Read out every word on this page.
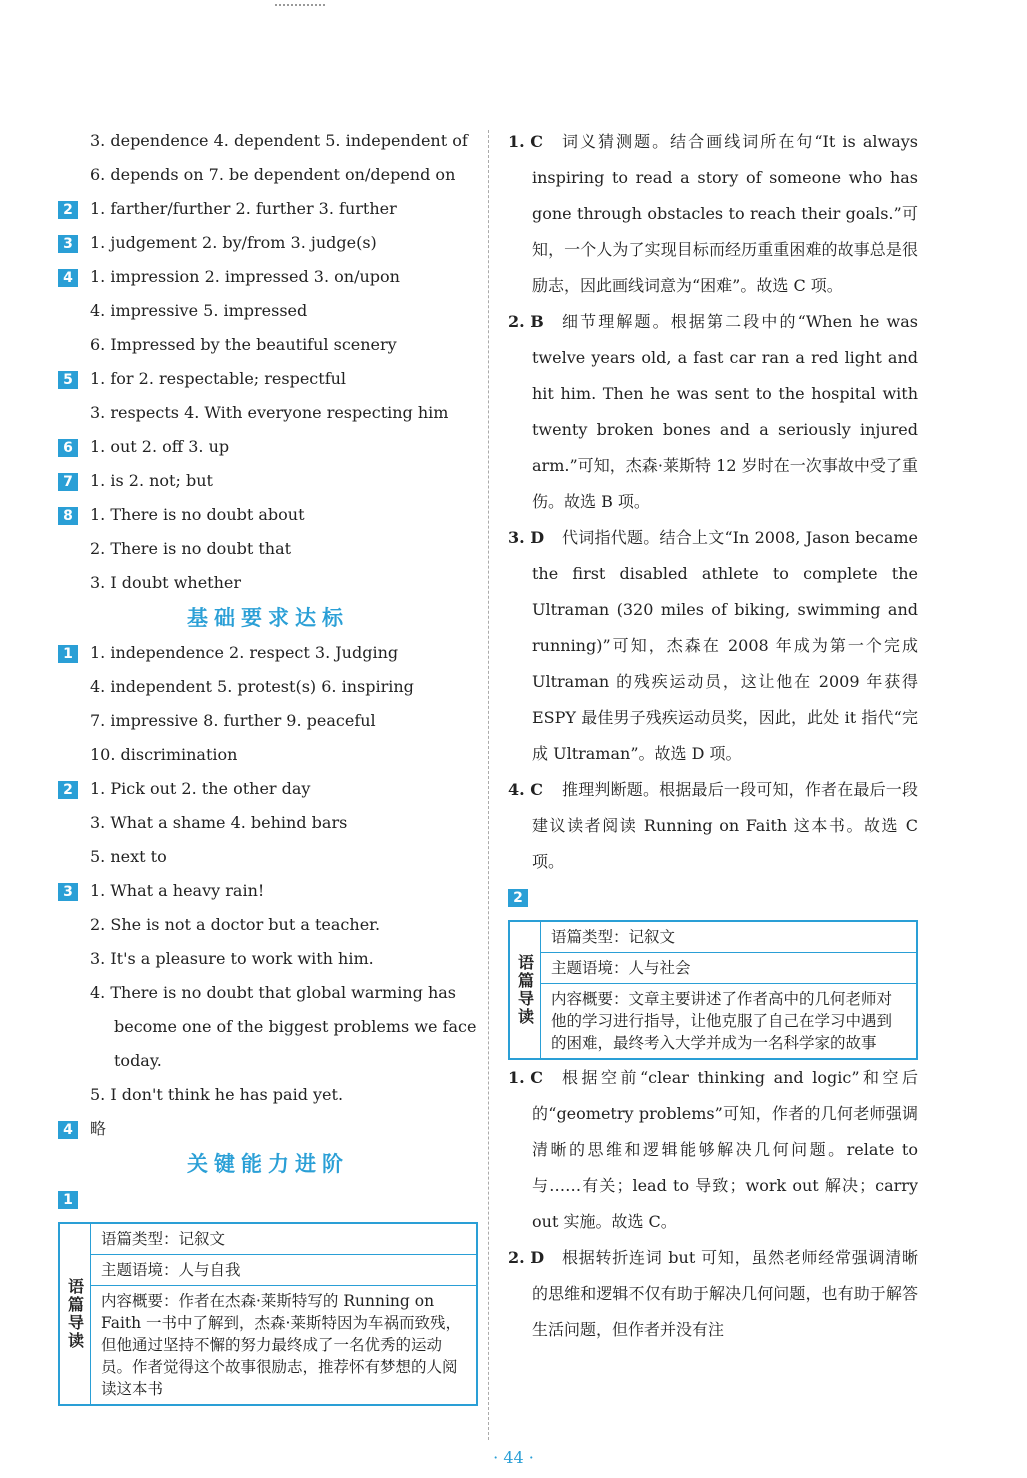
3. dependence 4. dependent 5. independent of
6. depends on 7. be dependent on/depend on
2 1. farther/further 2. further 3. further
3 1. judgement 2. by/from 3. judge(s)
4 1. impression 2. impressed 3. on/upon
4. impressive 5. impressed
6. Impressed by the beautiful scenery
5 1. for 2. respectable; respectful
3. respects 4. With everyone respecting him
6 1. out 2. off 3. up
7 1. is 2. not; but
8 1. There is no doubt about
2. There is no doubt that
3. I doubt whether
基础要求达标
1 1. independence 2. respect 3. Judging
4. independent 5. protest(s) 6. inspiring
7. impressive 8. further 9. peaceful
10. discrimination
2 1. Pick out 2. the other day
3. What a shame 4. behind bars
5. next to
3 1. What a heavy rain!
2. She is not a doctor but a teacher.
3. It's a pleasure to work with him.
4. There is no doubt that global warming has
become one of the biggest problems we face
today.
5. I don't think he has paid yet.
4 略
关键能力进阶
1
语篇导读
语篇类型：记叙文
主题语境：人与自我
内容概要：作者在杰森·莱斯特写的 Running on Faith 一书中了解到，杰森·莱斯特因为车祸而致残，但他通过坚持不懈的努力最终成了一名优秀的运动员。作者觉得这个故事很励志，推荐怀有梦想的人阅读这本书
1. C	词义猜测题。结合画线词所在句“It is always inspiring to read a story of someone who has gone through obstacles to reach their goals.”可知，一个人为了实现目标而经历重重困难的故事总是很励志，因此画线词意为“困难”。故选 C 项。
2. B	细节理解题。根据第二段中的“When he was twelve years old, a fast car ran a red light and hit him. Then he was sent to the hospital with twenty broken bones and a seriously injured arm.”可知，杰森·莱斯特 12 岁时在一次事故中受了重伤。故选 B 项。
3. D	代词指代题。结合上文“In 2008, Jason became the first disabled athlete to complete the Ultraman (320 miles of biking, swimming and running)”可知，杰森在 2008 年成为第一个完成 Ultraman 的残疾运动员，这让他在 2009 年获得 ESPY 最佳男子残疾运动员奖，因此，此处 it 指代“完成 Ultraman”。故选 D 项。
4. C	推理判断题。根据最后一段可知，作者在最后一段建议读者阅读 Running on Faith 这本书。故选 C 项。
2
语篇导读
语篇类型：记叙文
主题语境：人与社会
内容概要：文章主要讲述了作者高中的几何老师对他的学习进行指导，让他克服了自己在学习中遇到的困难，最终考入大学并成为一名科学家的故事
1. C	根据空前“clear thinking and logic”和空后的“geometry problems”可知，作者的几何老师强调清晰的思维和逻辑能够解决几何问题。relate to 与……有关；lead to 导致；work out 解决；carry out 实施。故选 C。
2. D	根据转折连词 but 可知，虽然老师经常强调清晰的思维和逻辑不仅有助于解决几何问题，也有助于解答生活问题，但作者并没有注
· 44 ·
